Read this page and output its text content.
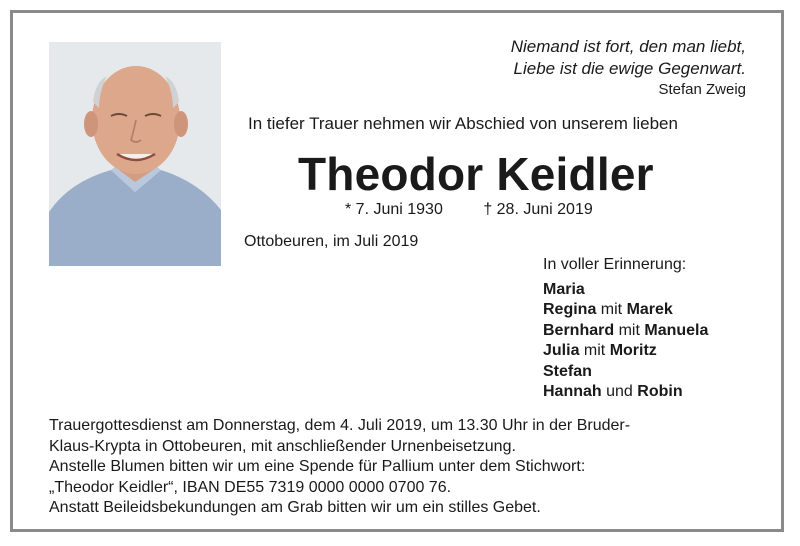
Niemand ist fort, den man liebt,
Liebe ist die ewige Gegenwart.
Stefan Zweig
In tiefer Trauer nehmen wir Abschied von unserem lieben
Theodor Keidler
* 7. Juni 1930	† 28. Juni 2019
Ottobeuren, im Juli 2019
In voller Erinnerung:
Maria
Regina mit Marek
Bernhard mit Manuela
Julia mit Moritz
Stefan
Hannah und Robin
Trauergottesdienst am Donnerstag, dem 4. Juli 2019, um 13.30 Uhr in der Bruder-
Klaus-Krypta in Ottobeuren, mit anschließender Urnenbeisetzung.
Anstelle Blumen bitten wir um eine Spende für Pallium unter dem Stichwort:
„Theodor Keidler“, IBAN DE55 7319 0000 0000 0700 76.
Anstatt Beileidsbekundungen am Grab bitten wir um ein stilles Gebet.
